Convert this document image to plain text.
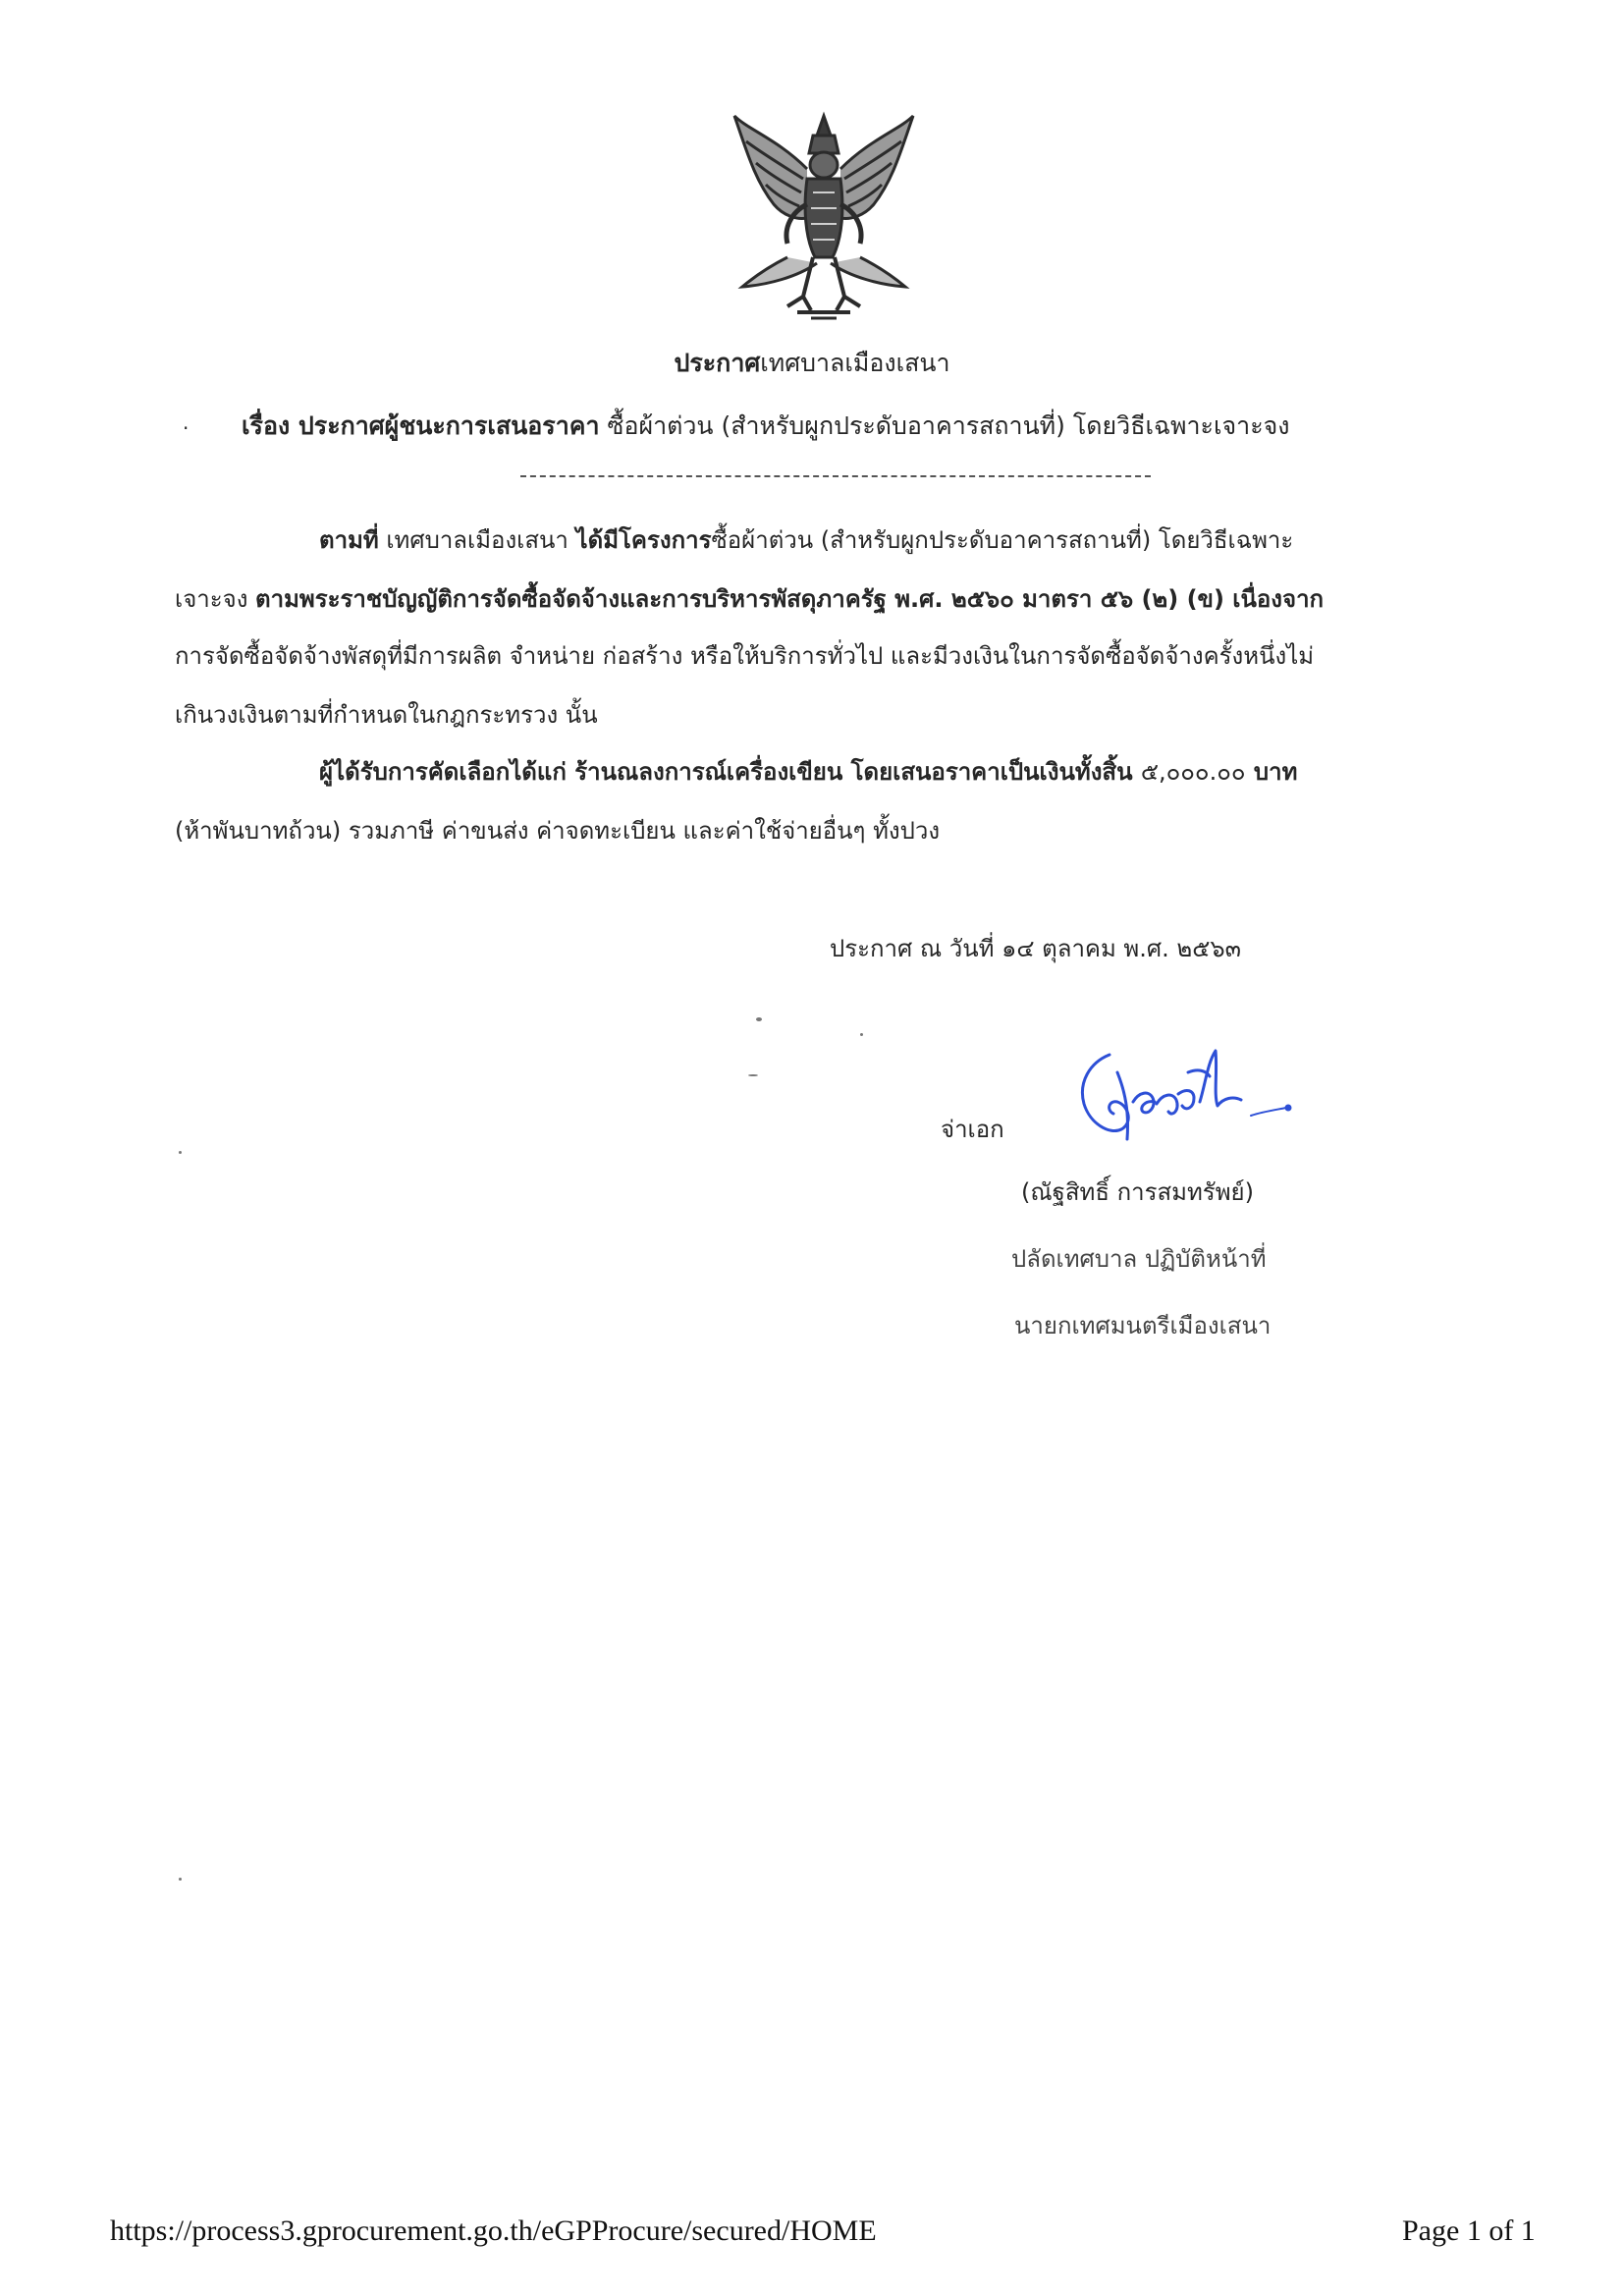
ประกาศเทศบาลเมืองเสนา
· เรื่อง ประกาศผู้ชนะการเสนอราคา ซื้อผ้าต่วน (สำหรับผูกประดับอาคารสถานที่) โดยวิธีเฉพาะเจาะจง
ตามที่ เทศบาลเมืองเสนา ได้มีโครงการซื้อผ้าต่วน (สำหรับผูกประดับอาคารสถานที่) โดยวิธีเฉพาะ
เจาะจง ตามพระราชบัญญัติการจัดซื้อจัดจ้างและการบริหารพัสดุภาครัฐ พ.ศ. ๒๕๖๐ มาตรา ๕๖ (๒) (ข) เนื่องจาก
การจัดซื้อจัดจ้างพัสดุที่มีการผลิต จำหน่าย ก่อสร้าง หรือให้บริการทั่วไป และมีวงเงินในการจัดซื้อจัดจ้างครั้งหนึ่งไม่
เกินวงเงินตามที่กำหนดในกฎกระทรวง นั้น
ผู้ได้รับการคัดเลือกได้แก่ ร้านณลงการณ์เครื่องเขียน โดยเสนอราคาเป็นเงินทั้งสิ้น ๕,๐๐๐.๐๐ บาท
(ห้าพันบาทถ้วน) รวมภาษี ค่าขนส่ง ค่าจดทะเบียน และค่าใช้จ่ายอื่นๆ ทั้งปวง
ประกาศ ณ วันที่ ๑๔ ตุลาคม พ.ศ. ๒๕๖๓
จ่าเอก
(ณัฐสิทธิ์ การสมทรัพย์)
ปลัดเทศบาล ปฏิบัติหน้าที่
นายกเทศมนตรีเมืองเสนา
https://process3.gprocurement.go.th/eGPProcure/secured/HOME	Page 1 of 1
